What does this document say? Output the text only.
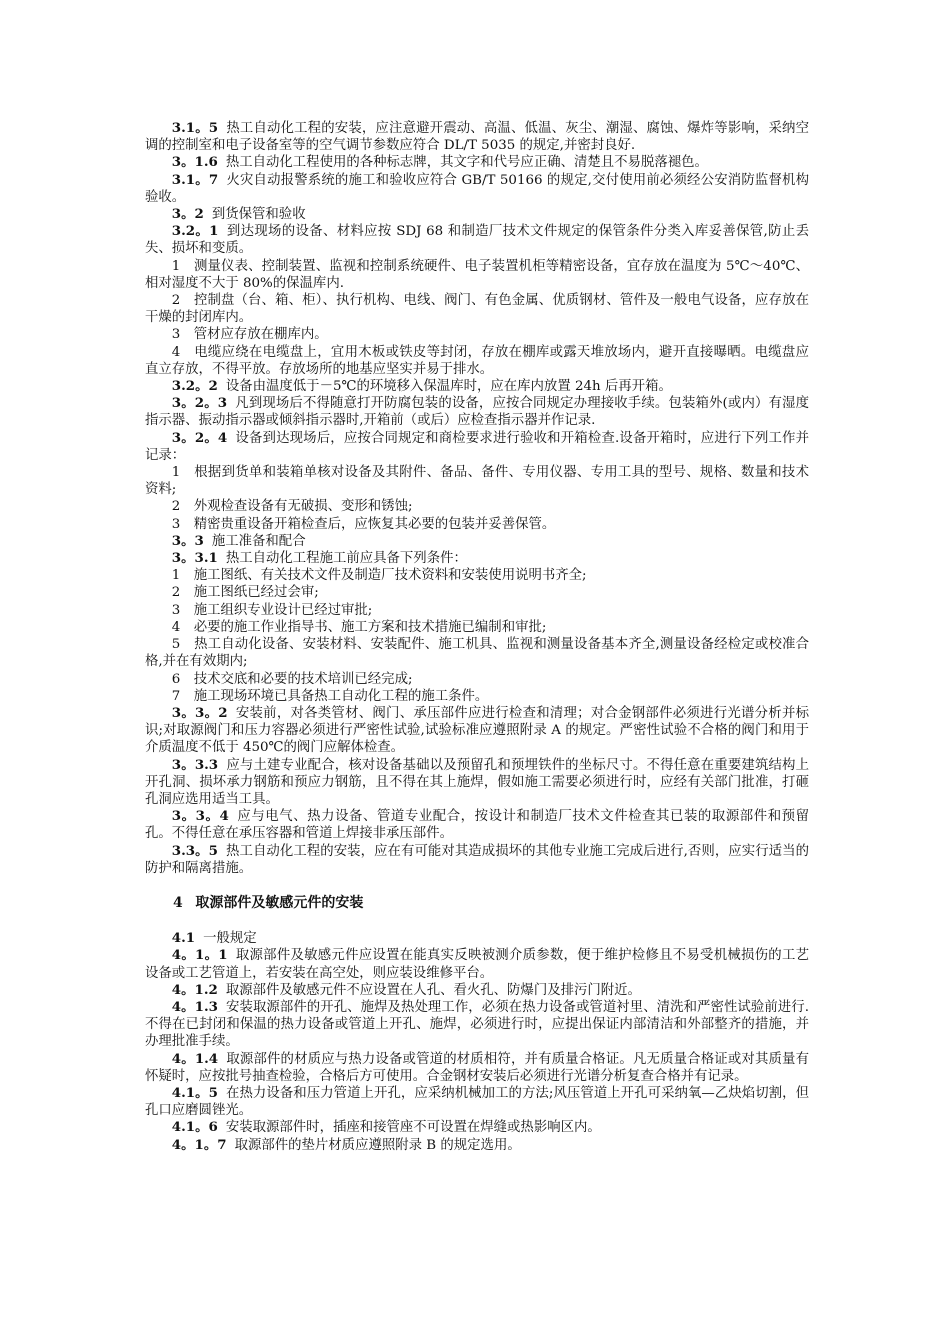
3.1。5 热工自动化工程的安装，应注意避开震动、高温、低温、灰尘、潮湿、腐蚀、爆炸等影响，采纳空调的控制室和电子设备室等的空气调节参数应符合 DL/T 5035 的规定,并密封良好.

3。1.6 热工自动化工程使用的各种标志牌，其文字和代号应正确、清楚且不易脱落褪色。

3.1。7 火灾自动报警系统的施工和验收应符合 GB/T 50166 的规定,交付使用前必须经公安消防监督机构验收。

3。2 到货保管和验收

3.2。1 到达现场的设备、材料应按 SDJ 68 和制造厂技术文件规定的保管条件分类入库妥善保管,防止丢失、损坏和变质。

1　测量仪表、控制装置、监视和控制系统硬件、电子装置机柜等精密设备，宜存放在温度为 5℃～40℃、相对湿度不大于 80%的保温库内.

2　控制盘（台、箱、柜）、执行机构、电线、阀门、有色金属、优质钢材、管件及一般电气设备，应存放在干燥的封闭库内。

3　管材应存放在棚库内。

4　电缆应绕在电缆盘上，宜用木板或铁皮等封闭，存放在棚库或露天堆放场内，避开直接曝晒。电缆盘应直立存放，不得平放。存放场所的地基应坚实并易于排水。

3.2。2 设备由温度低于－5℃的环境移入保温库时，应在库内放置 24h 后再开箱。

3。2。3 凡到现场后不得随意打开防腐包装的设备，应按合同规定办理接收手续。包装箱外(或内）有湿度指示器、振动指示器或倾斜指示器时,开箱前（或后）应检查指示器并作记录.

3。2。4 设备到达现场后，应按合同规定和商检要求进行验收和开箱检查.设备开箱时，应进行下列工作并记录：

1　根据到货单和装箱单核对设备及其附件、备品、备件、专用仪器、专用工具的型号、规格、数量和技术资料;

2　外观检查设备有无破损、变形和锈蚀;

3　精密贵重设备开箱检查后，应恢复其必要的包装并妥善保管。

3。3 施工准备和配合

3。3.1 热工自动化工程施工前应具备下列条件：

1　施工图纸、有关技术文件及制造厂技术资料和安装使用说明书齐全;

2　施工图纸已经过会审;

3　施工组织专业设计已经过审批;

4　必要的施工作业指导书、施工方案和技术措施已编制和审批;

5　热工自动化设备、安装材料、安装配件、施工机具、监视和测量设备基本齐全,测量设备经检定或校准合格,并在有效期内;

6　技术交底和必要的技术培训已经完成;

7　施工现场环境已具备热工自动化工程的施工条件。

3。3。2 安装前，对各类管材、阀门、承压部件应进行检查和清理；对合金钢部件必须进行光谱分析并标识;对取源阀门和压力容器必须进行严密性试验,试验标准应遵照附录 A 的规定。严密性试验不合格的阀门和用于介质温度不低于 450℃的阀门应解体检查。

3。3.3 应与土建专业配合，核对设备基础以及预留孔和预埋铁件的坐标尺寸。不得任意在重要建筑结构上开孔洞、损坏承力钢筋和预应力钢筋，且不得在其上施焊，假如施工需要必须进行时，应经有关部门批准，打砸孔洞应选用适当工具。

3。3。4 应与电气、热力设备、管道专业配合，按设计和制造厂技术文件检查其已装的取源部件和预留孔。不得任意在承压容器和管道上焊接非承压部件。

3.3。5 热工自动化工程的安装，应在有可能对其造成损坏的其他专业施工完成后进行,否则，应实行适当的防护和隔离措施。

4 取源部件及敏感元件的安装

4.1 一般规定

4。1。1 取源部件及敏感元件应设置在能真实反映被测介质参数，便于维护检修且不易受机械损伤的工艺设备或工艺管道上，若安装在高空处，则应装设维修平台。

4。1.2 取源部件及敏感元件不应设置在人孔、看火孔、防爆门及排污门附近。

4。1.3 安装取源部件的开孔、施焊及热处理工作，必须在热力设备或管道衬里、清洗和严密性试验前进行.不得在已封闭和保温的热力设备或管道上开孔、施焊，必须进行时，应提出保证内部清洁和外部整齐的措施，并办理批准手续。

4。1.4 取源部件的材质应与热力设备或管道的材质相符，并有质量合格证。凡无质量合格证或对其质量有怀疑时，应按批号抽查检验，合格后方可使用。合金钢材安装后必须进行光谱分析复查合格并有记录。

4.1。5 在热力设备和压力管道上开孔，应采纳机械加工的方法;风压管道上开孔可采纳氧—乙炔焰切割，但孔口应磨圆锉光。

4.1。6 安装取源部件时，插座和接管座不可设置在焊缝或热影响区内。

4。1。7 取源部件的垫片材质应遵照附录 B 的规定选用。
